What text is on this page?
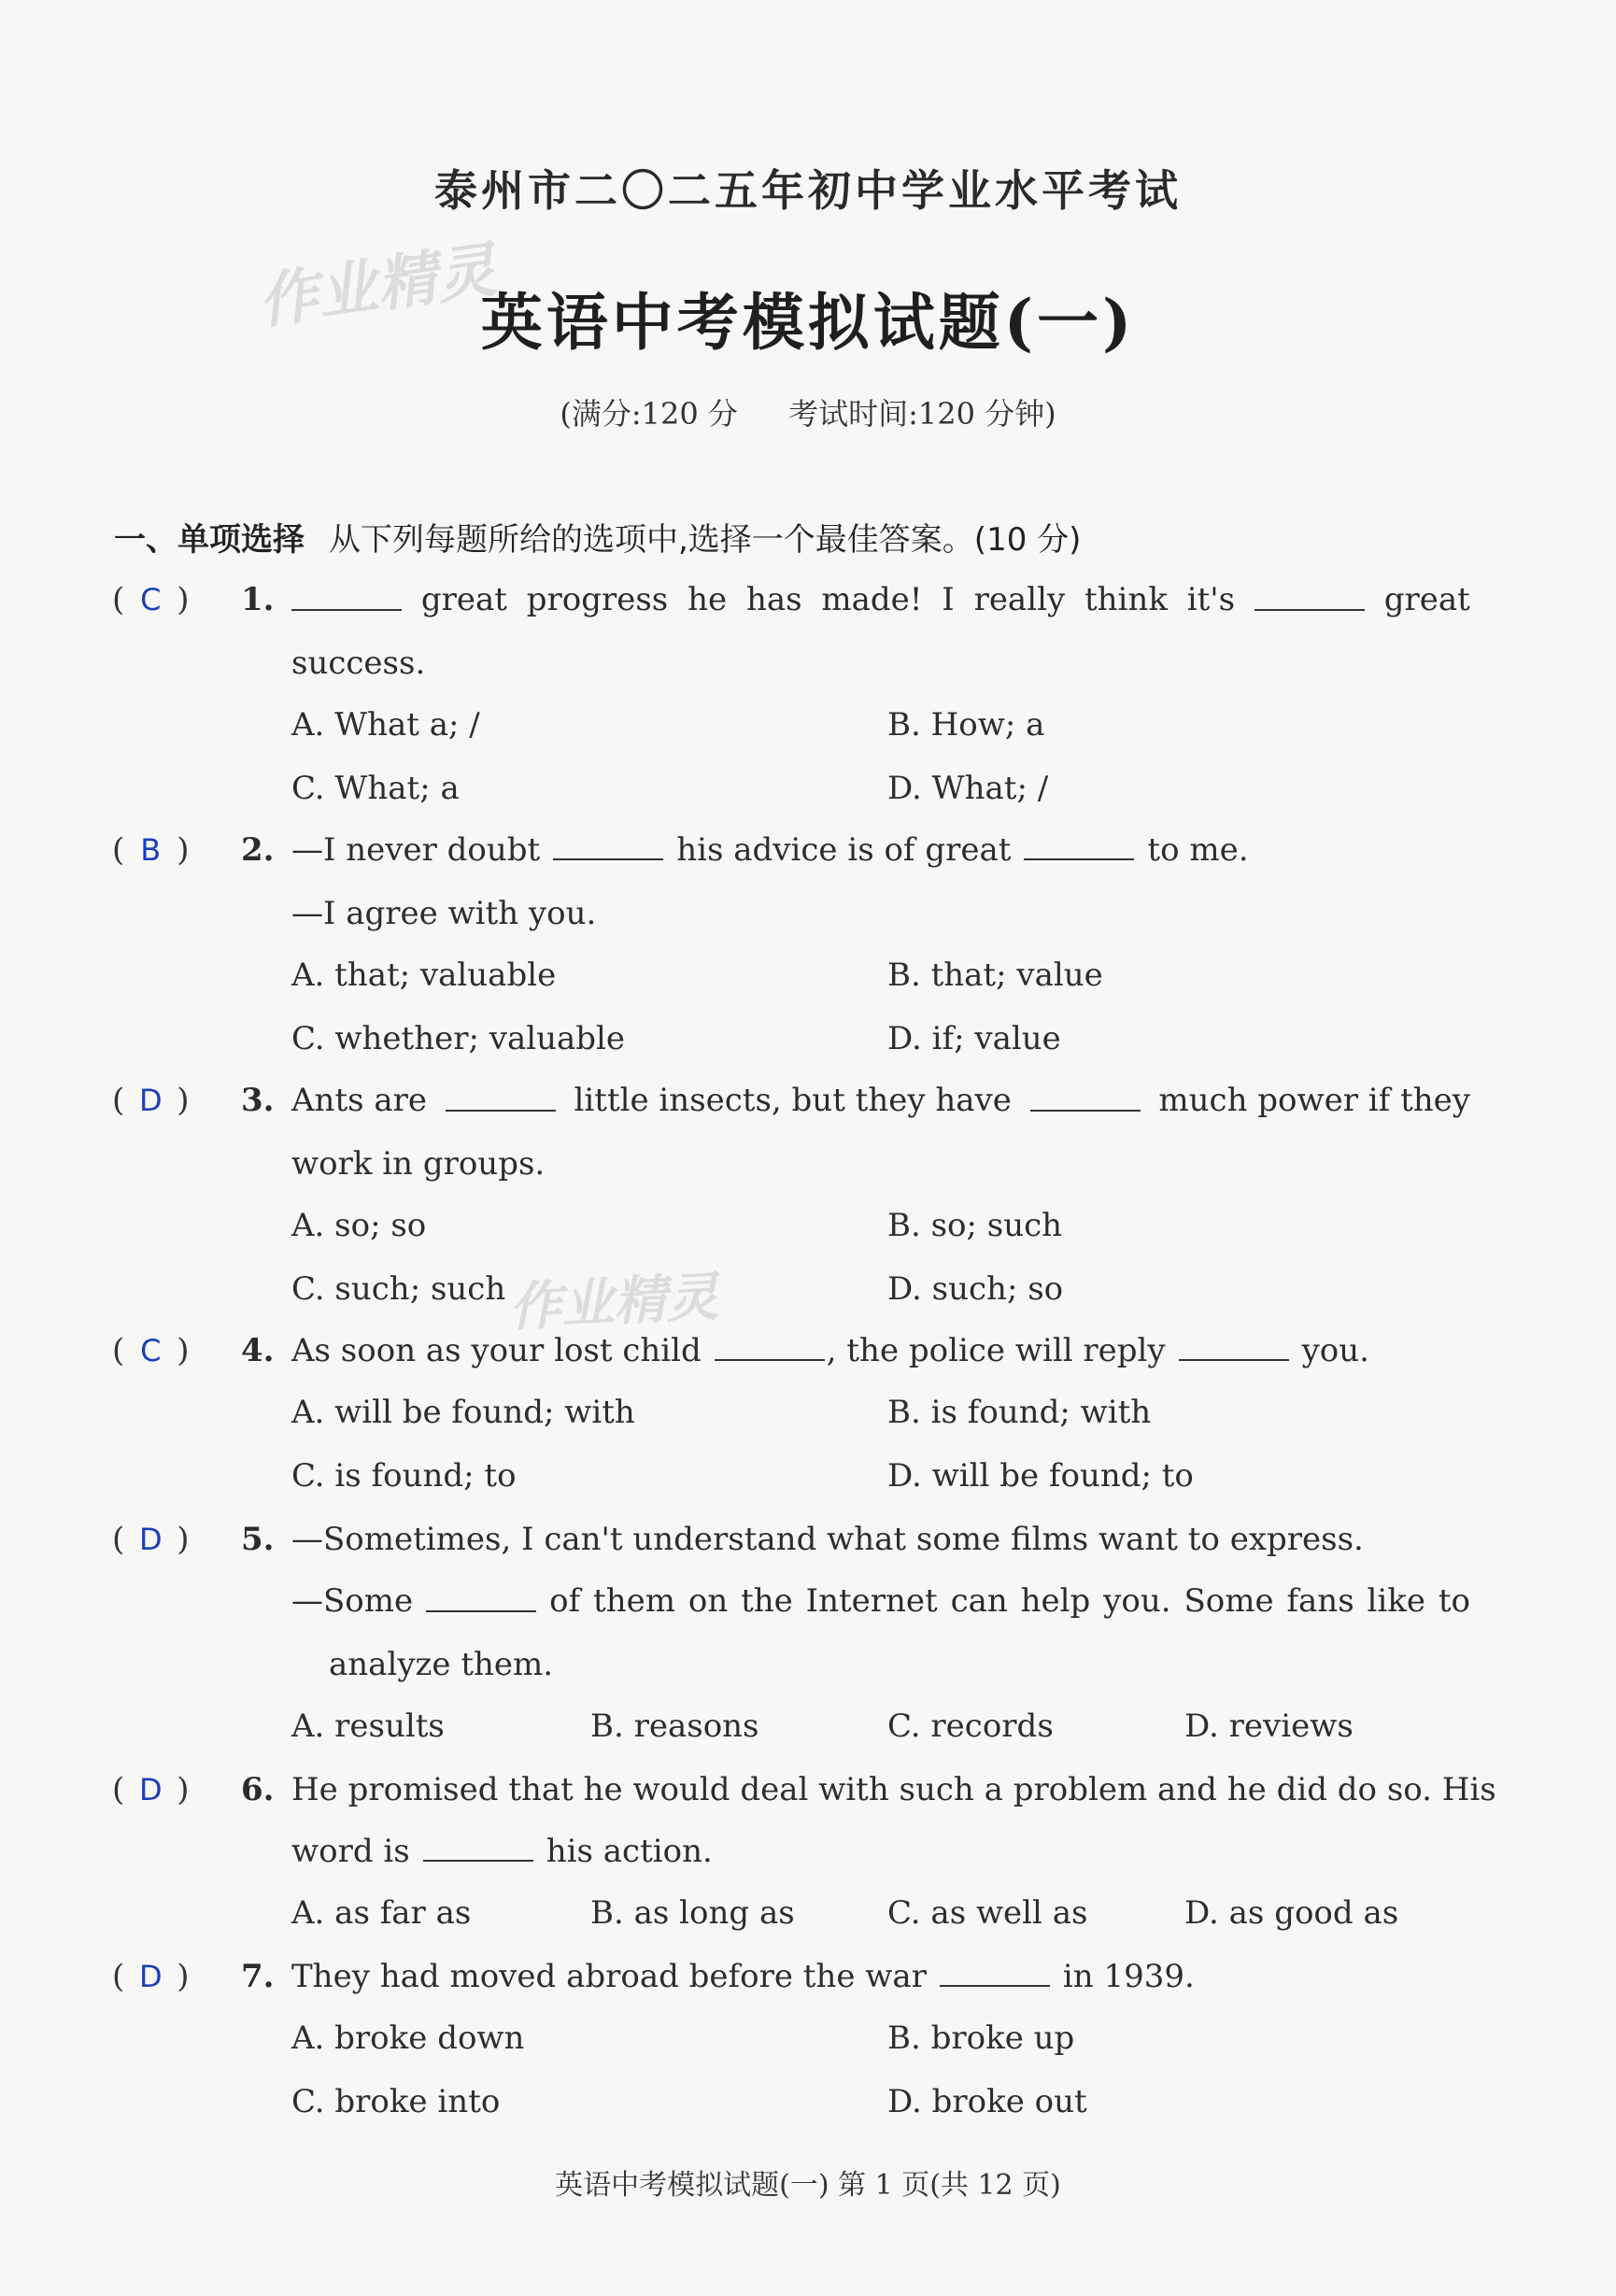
作业精灵
作业精灵
泰州市二〇二五年初中学业水平考试
英语中考模拟试题(一)
(满分:120 分 考试时间:120 分钟)
一、单项选择 从下列每题所给的选项中,选择一个最佳答案。(10 分)
( C ) 1.	great progress he has made! I really think it's	great
success.
A. What a; /	B. How; a
C. What; a	D. What; /
( B ) 2. —I never doubt	his advice is of great	to me.
—I agree with you.
A. that; valuable	B. that; value
C. whether; valuable	D. if; value
( D ) 3. Ants are	little insects, but they have	much power if they
work in groups.
A. so; so	B. so; such
C. such; such	D. such; so
( C ) 4. As soon as your lost child	, the police will reply	you.
A. will be found; with	B. is found; with
C. is found; to	D. will be found; to
( D ) 5. —Sometimes, I can't understand what some films want to express.
—Some	of them on the Internet can help you. Some fans like to
analyze them.
A. results	B. reasons	C. records	D. reviews
( D ) 6. He promised that he would deal with such a problem and he did do so. His
word is	his action.
A. as far as	B. as long as	C. as well as	D. as good as
( D ) 7. They had moved abroad before the war	in 1939.
A. broke down	B. broke up
C. broke into	D. broke out
英语中考模拟试题(一) 第 1 页(共 12 页)
